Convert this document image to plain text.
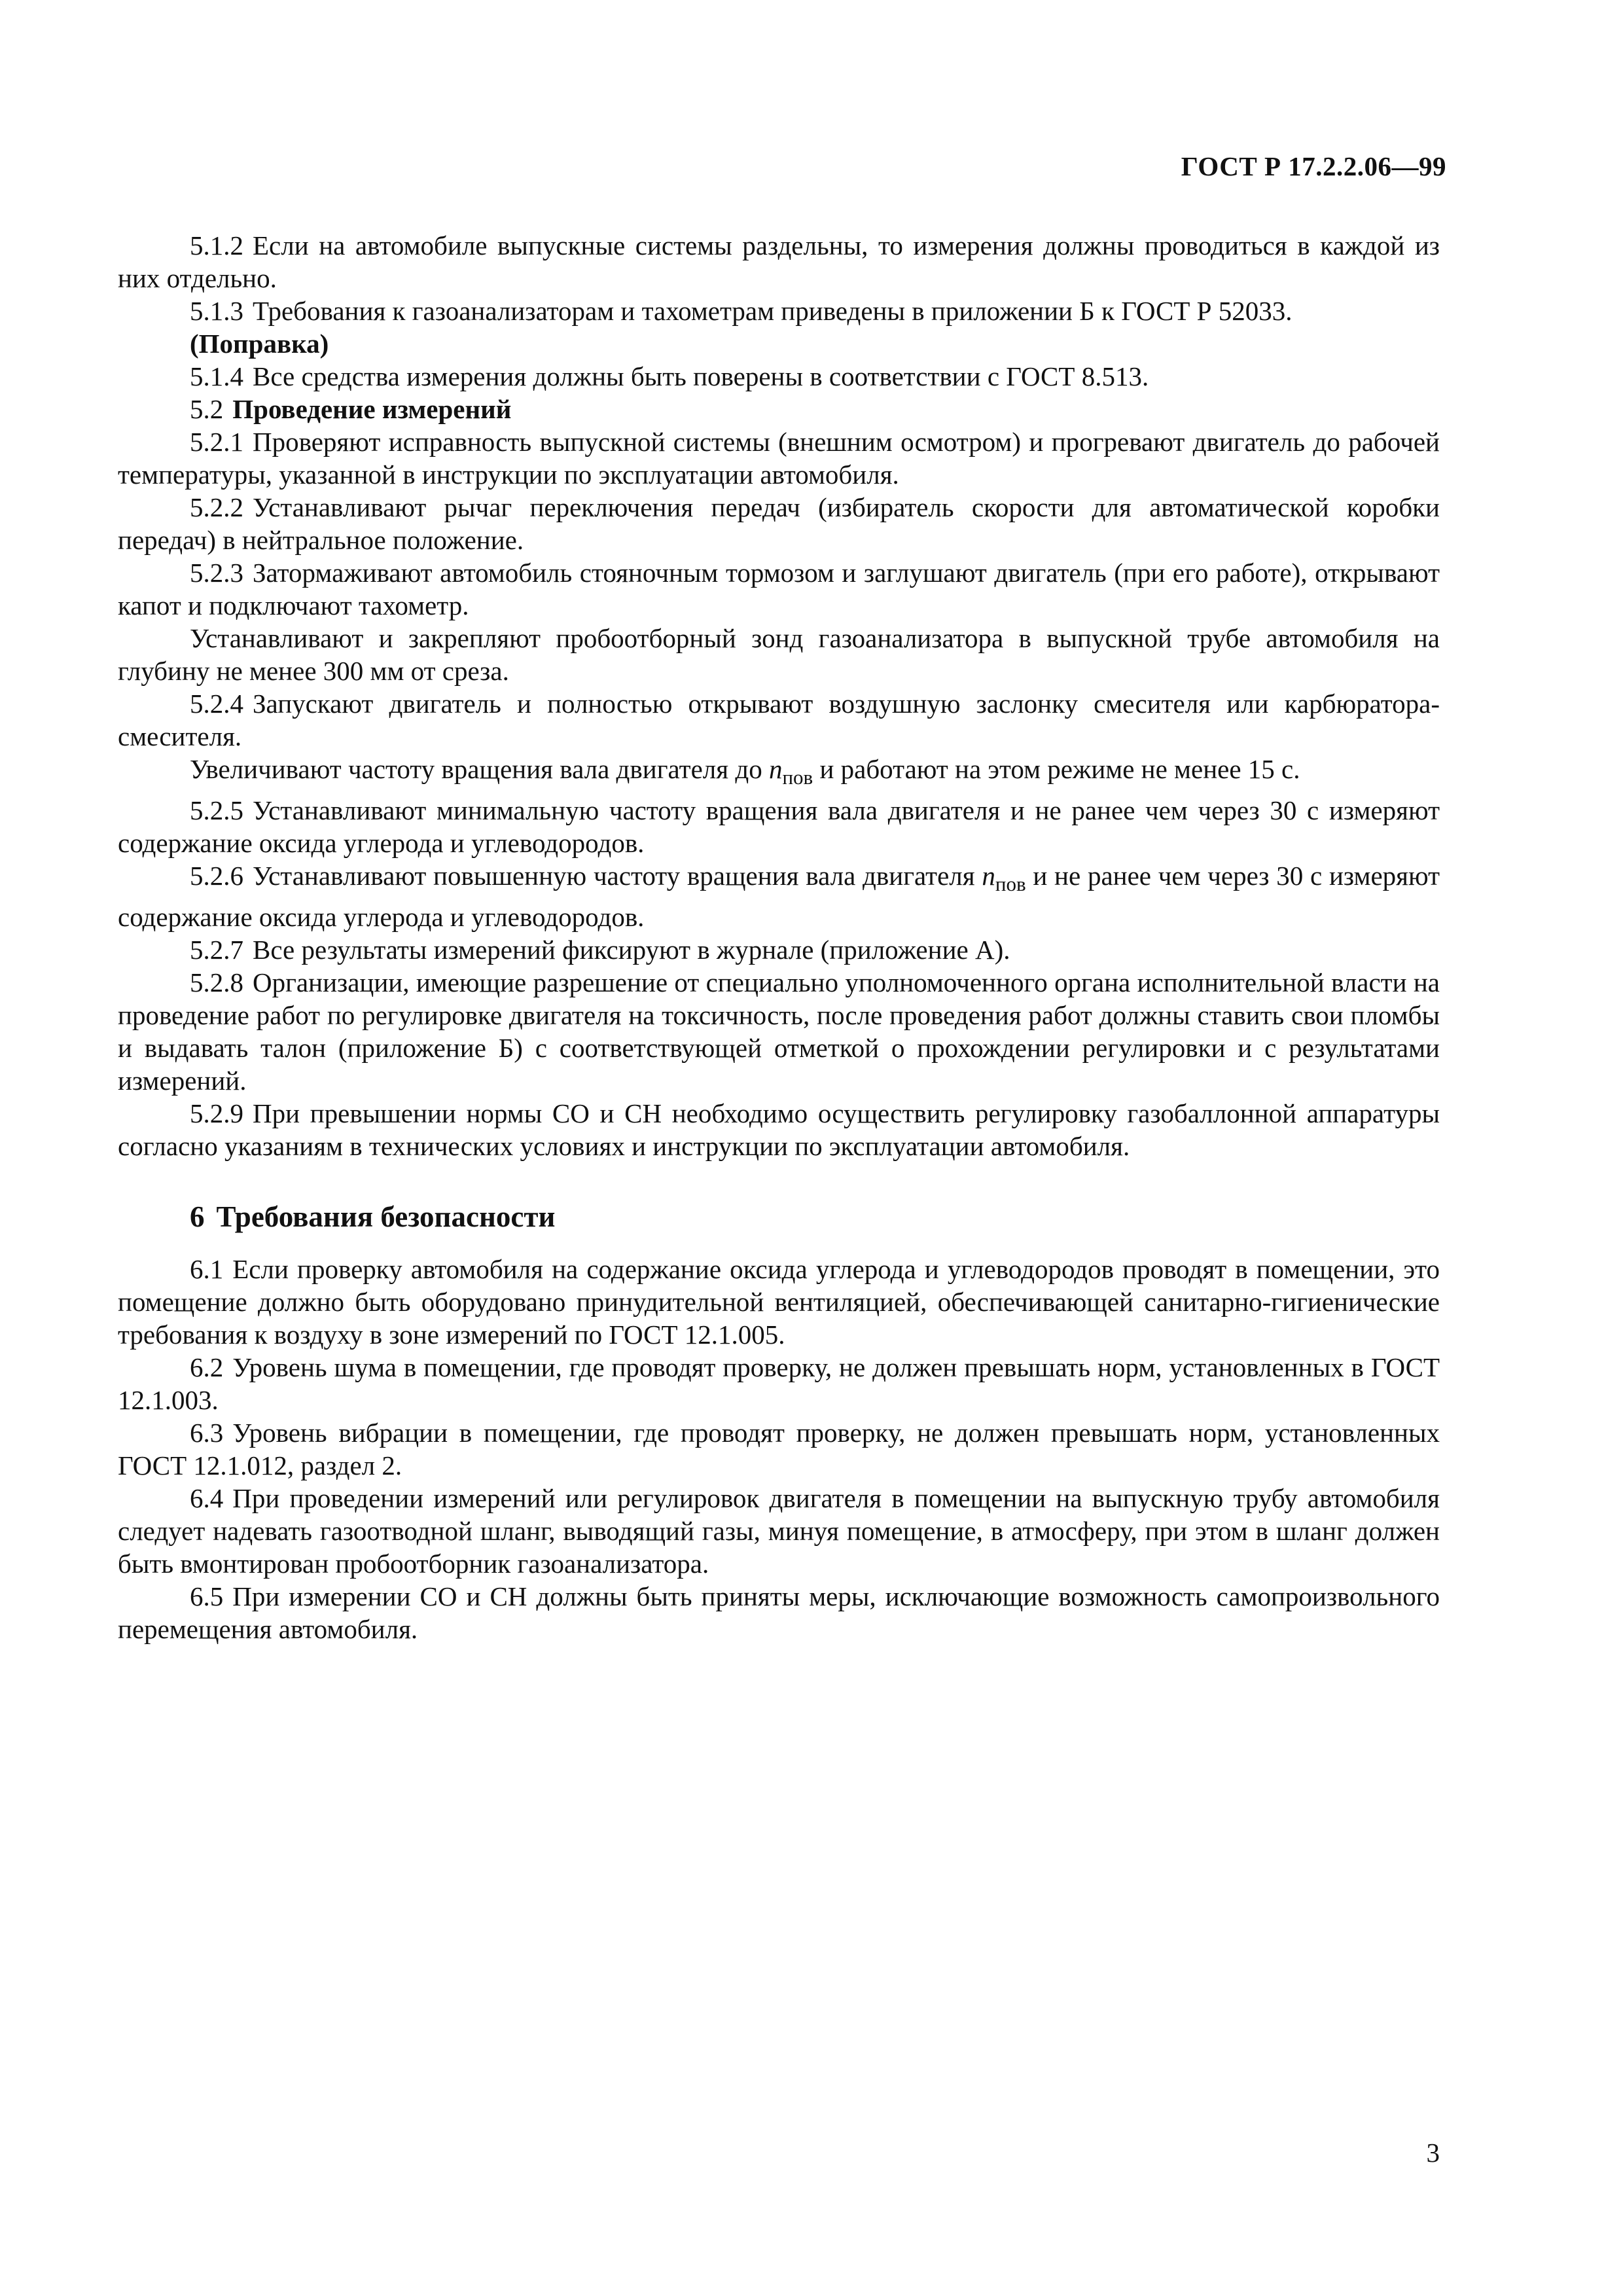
ГОСТ Р 17.2.2.06—99

5.1.2 Если на автомобиле выпускные системы раздельны, то измерения должны проводиться в каждой из них отдельно.

5.1.3 Требования к газоанализаторам и тахометрам приведены в приложении Б к ГОСТ Р 52033.

(Поправка)

5.1.4 Все средства измерения должны быть поверены в соответствии с ГОСТ 8.513.

5.2 Проведение измерений

5.2.1 Проверяют исправность выпускной системы (внешним осмотром) и прогревают двигатель до рабочей температуры, указанной в инструкции по эксплуатации автомобиля.

5.2.2 Устанавливают рычаг переключения передач (избиратель скорости для автоматической коробки передач) в нейтральное положение.

5.2.3 Затормаживают автомобиль стояночным тормозом и заглушают двигатель (при его работе), открывают капот и подключают тахометр.

Устанавливают и закрепляют пробоотборный зонд газоанализатора в выпускной трубе автомобиля на глубину не менее 300 мм от среза.

5.2.4 Запускают двигатель и полностью открывают воздушную заслонку смесителя или карбюратора-смесителя.

Увеличивают частоту вращения вала двигателя до $n_{пов}$ и работают на этом режиме не менее 15 с.

5.2.5 Устанавливают минимальную частоту вращения вала двигателя и не ранее чем через 30 с измеряют содержание оксида углерода и углеводородов.

5.2.6 Устанавливают повышенную частоту вращения вала двигателя $n_{пов}$ и не ранее чем через 30 с измеряют содержание оксида углерода и углеводородов.

5.2.7 Все результаты измерений фиксируют в журнале (приложение А).

5.2.8 Организации, имеющие разрешение от специально уполномоченного органа исполнительной власти на проведение работ по регулировке двигателя на токсичность, после проведения работ должны ставить свои пломбы и выдавать талон (приложение Б) с соответствующей отметкой о прохождении регулировки и с результатами измерений.

5.2.9 При превышении нормы СО и СН необходимо осуществить регулировку газобаллонной аппаратуры согласно указаниям в технических условиях и инструкции по эксплуатации автомобиля.

6 Требования безопасности

6.1 Если проверку автомобиля на содержание оксида углерода и углеводородов проводят в помещении, это помещение должно быть оборудовано принудительной вентиляцией, обеспечивающей санитарно-гигиенические требования к воздуху в зоне измерений по ГОСТ 12.1.005.

6.2 Уровень шума в помещении, где проводят проверку, не должен превышать норм, установленных в ГОСТ 12.1.003.

6.3 Уровень вибрации в помещении, где проводят проверку, не должен превышать норм, установленных ГОСТ 12.1.012, раздел 2.

6.4 При проведении измерений или регулировок двигателя в помещении на выпускную трубу автомобиля следует надевать газоотводной шланг, выводящий газы, минуя помещение, в атмосферу, при этом в шланг должен быть вмонтирован пробоотборник газоанализатора.

6.5 При измерении СО и СН должны быть приняты меры, исключающие возможность самопроизвольного перемещения автомобиля.

3
